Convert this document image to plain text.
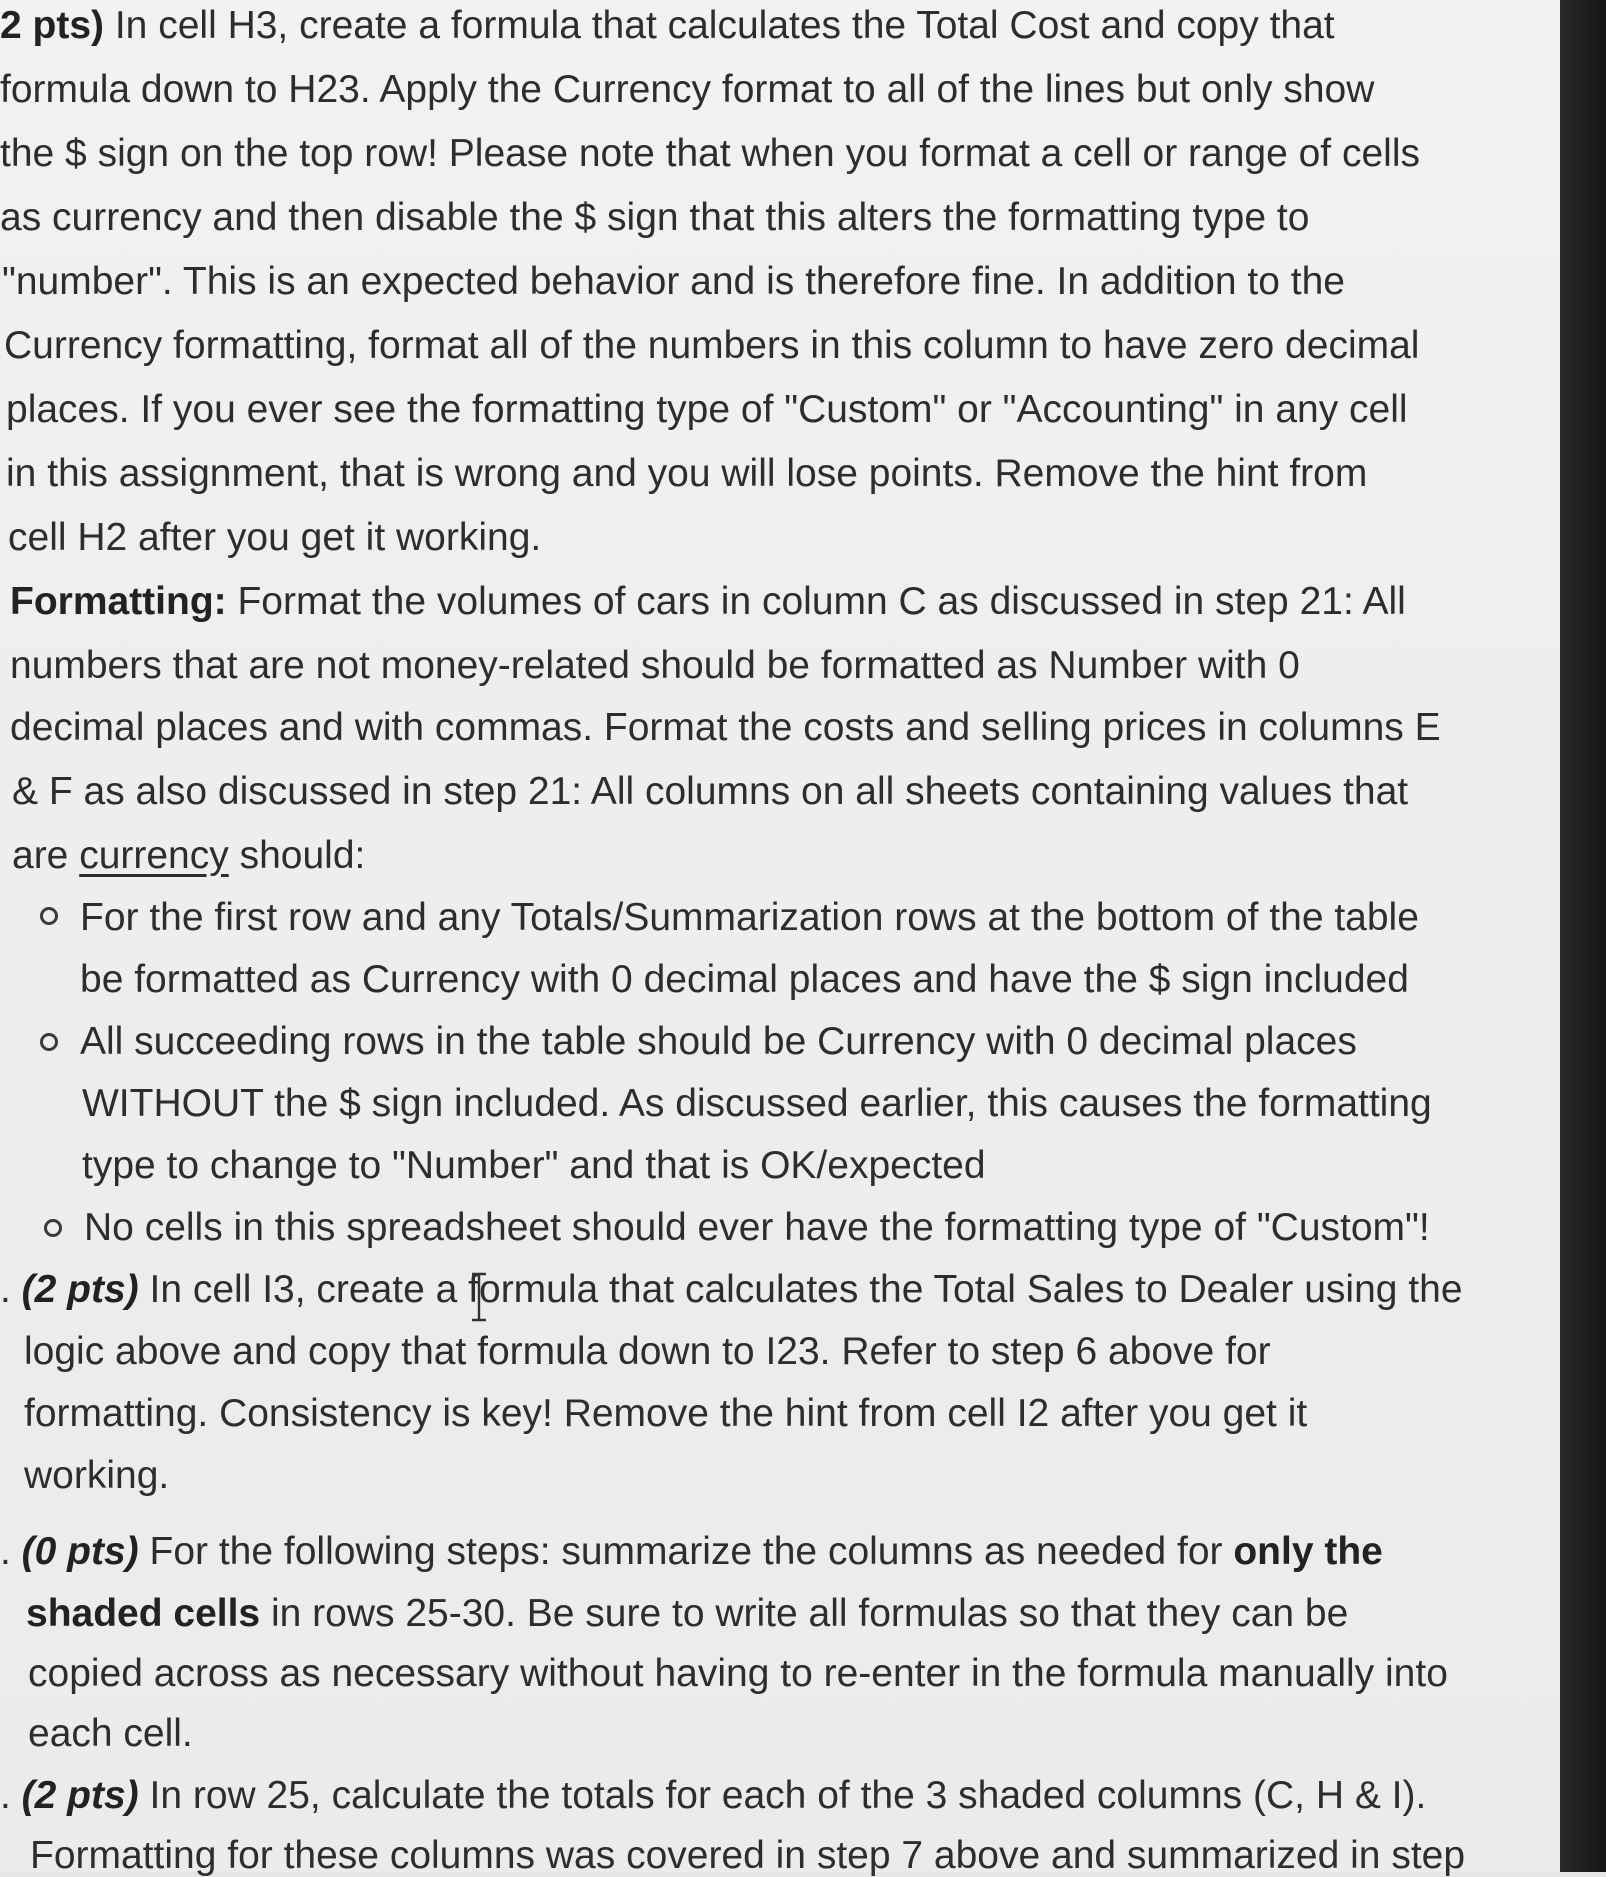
2 pts) In cell H3, create a formula that calculates the Total Cost and copy that
formula down to H23. Apply the Currency format to all of the lines but only show
the $ sign on the top row! Please note that when you format a cell or range of cells
as currency and then disable the $ sign that this alters the formatting type to
"number". This is an expected behavior and is therefore fine. In addition to the
Currency formatting, format all of the numbers in this column to have zero decimal
places. If you ever see the formatting type of "Custom" or "Accounting" in any cell
in this assignment, that is wrong and you will lose points. Remove the hint from
cell H2 after you get it working.
Formatting: Format the volumes of cars in column C as discussed in step 21: All
numbers that are not money-related should be formatted as Number with 0
decimal places and with commas. Format the costs and selling prices in columns E
& F as also discussed in step 21: All columns on all sheets containing values that
are currency should:
For the first row and any Totals/Summarization rows at the bottom of the table
be formatted as Currency with 0 decimal places and have the $ sign included
All succeeding rows in the table should be Currency with 0 decimal places
WITHOUT the $ sign included. As discussed earlier, this causes the formatting
type to change to "Number" and that is OK/expected
No cells in this spreadsheet should ever have the formatting type of "Custom"!
. (2 pts) In cell I3, create a formula that calculates the Total Sales to Dealer using the
logic above and copy that formula down to I23. Refer to step 6 above for
formatting. Consistency is key! Remove the hint from cell I2 after you get it
working.
. (0 pts) For the following steps: summarize the columns as needed for only the
shaded cells in rows 25-30. Be sure to write all formulas so that they can be
copied across as necessary without having to re-enter in the formula manually into
each cell.
. (2 pts) In row 25, calculate the totals for each of the 3 shaded columns (C, H & I).
Formatting for these columns was covered in step 7 above and summarized in step
